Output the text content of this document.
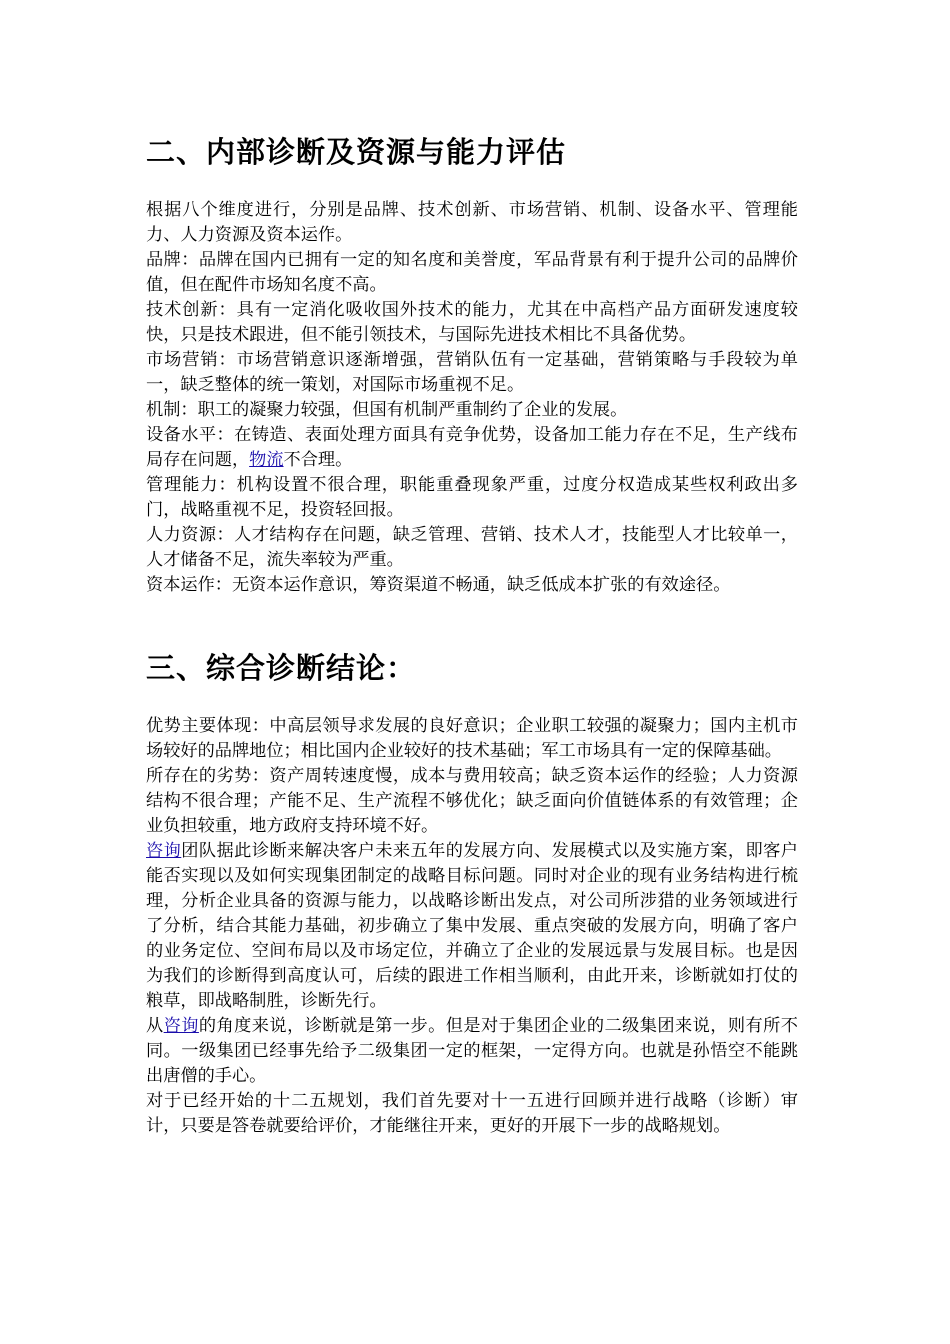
二、内部诊断及资源与能力评估

根据八个维度进行，分别是品牌、技术创新、市场营销、机制、设备水平、管理能力、人力资源及资本运作。

品牌：品牌在国内已拥有一定的知名度和美誉度，军品背景有利于提升公司的品牌价值，但在配件市场知名度不高。

技术创新：具有一定消化吸收国外技术的能力，尤其在中高档产品方面研发速度较快，只是技术跟进，但不能引领技术，与国际先进技术相比不具备优势。

市场营销：市场营销意识逐渐增强，营销队伍有一定基础，营销策略与手段较为单一，缺乏整体的统一策划，对国际市场重视不足。

机制：职工的凝聚力较强，但国有机制严重制约了企业的发展。

设备水平：在铸造、表面处理方面具有竞争优势，设备加工能力存在不足，生产线布局存在问题，物流不合理。

管理能力：机构设置不很合理，职能重叠现象严重，过度分权造成某些权利政出多门，战略重视不足，投资轻回报。

人力资源：人才结构存在问题，缺乏管理、营销、技术人才，技能型人才比较单一，人才储备不足，流失率较为严重。

资本运作：无资本运作意识，筹资渠道不畅通，缺乏低成本扩张的有效途径。

三、综合诊断结论：

优势主要体现：中高层领导求发展的良好意识；企业职工较强的凝聚力；国内主机市场较好的品牌地位；相比国内企业较好的技术基础；军工市场具有一定的保障基础。

所存在的劣势：资产周转速度慢，成本与费用较高；缺乏资本运作的经验；人力资源结构不很合理；产能不足、生产流程不够优化；缺乏面向价值链体系的有效管理；企业负担较重，地方政府支持环境不好。

咨询团队据此诊断来解决客户未来五年的发展方向、发展模式以及实施方案，即客户能否实现以及如何实现集团制定的战略目标问题。同时对企业的现有业务结构进行梳理，分析企业具备的资源与能力，以战略诊断出发点，对公司所涉猎的业务领域进行了分析，结合其能力基础，初步确立了集中发展、重点突破的发展方向，明确了客户的业务定位、空间布局以及市场定位，并确立了企业的发展远景与发展目标。也是因为我们的诊断得到高度认可，后续的跟进工作相当顺利，由此开来，诊断就如打仗的粮草，即战略制胜，诊断先行。

从咨询的角度来说，诊断就是第一步。但是对于集团企业的二级集团来说，则有所不同。一级集团已经事先给予二级集团一定的框架，一定得方向。也就是孙悟空不能跳出唐僧的手心。

对于已经开始的十二五规划，我们首先要对十一五进行回顾并进行战略（诊断）审计，只要是答卷就要给评价，才能继往开来，更好的开展下一步的战略规划。
